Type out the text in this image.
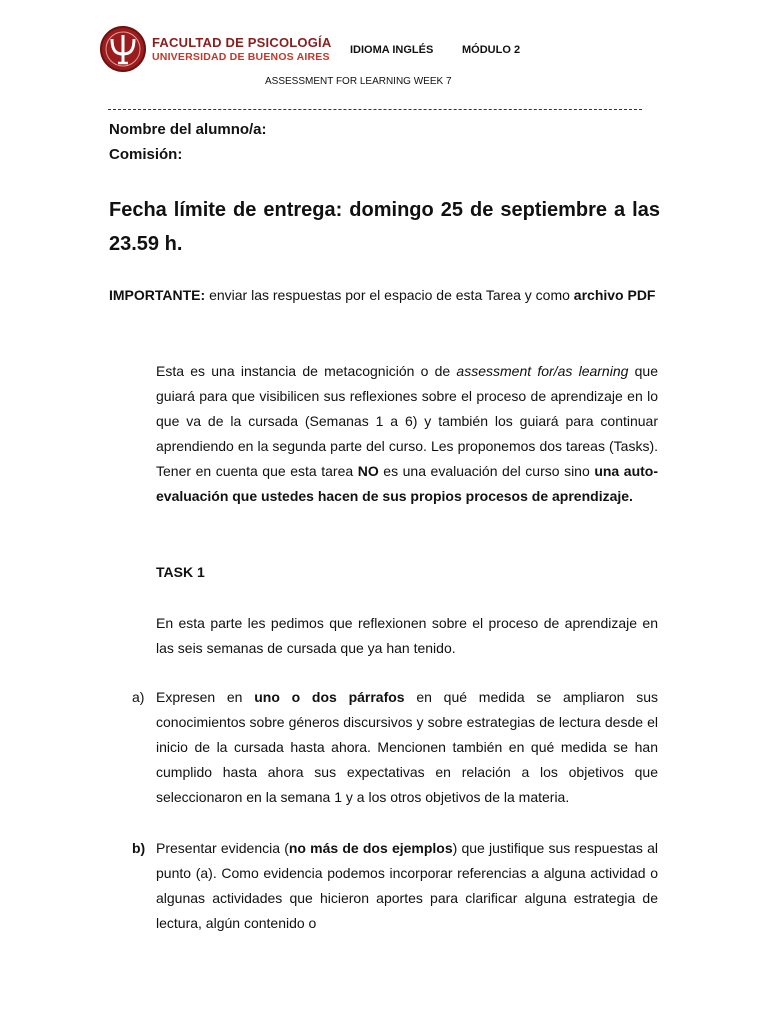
FACULTAD DE PSICOLOGÍA
UNIVERSIDAD DE BUENOS AIRES
IDIOMA INGLÉS	MÓDULO 2
ASSESSMENT FOR LEARNING WEEK 7
Nombre del alumno/a:
Comisión:
Fecha límite de entrega: domingo 25 de septiembre a las 23.59 h.
IMPORTANTE: enviar las respuestas por el espacio de esta Tarea y como archivo PDF
Esta es una instancia de metacognición o de assessment for/as learning que guiará para que visibilicen sus reflexiones sobre el proceso de aprendizaje en lo que va de la cursada (Semanas 1 a 6) y también los guiará para continuar aprendiendo en la segunda parte del curso. Les proponemos dos tareas (Tasks). Tener en cuenta que esta tarea NO es una evaluación del curso sino una auto-evaluación que ustedes hacen de sus propios procesos de aprendizaje.
TASK 1
En esta parte les pedimos que reflexionen sobre el proceso de aprendizaje en las seis semanas de cursada que ya han tenido.
a) Expresen en uno o dos párrafos en qué medida se ampliaron sus conocimientos sobre géneros discursivos y sobre estrategias de lectura desde el inicio de la cursada hasta ahora. Mencionen también en qué medida se han cumplido hasta ahora sus expectativas en relación a los objetivos que seleccionaron en la semana 1 y a los otros objetivos de la materia.
b) Presentar evidencia (no más de dos ejemplos) que justifique sus respuestas al punto (a). Como evidencia podemos incorporar referencias a alguna actividad o algunas actividades que hicieron aportes para clarificar alguna estrategia de lectura, algún contenido o
